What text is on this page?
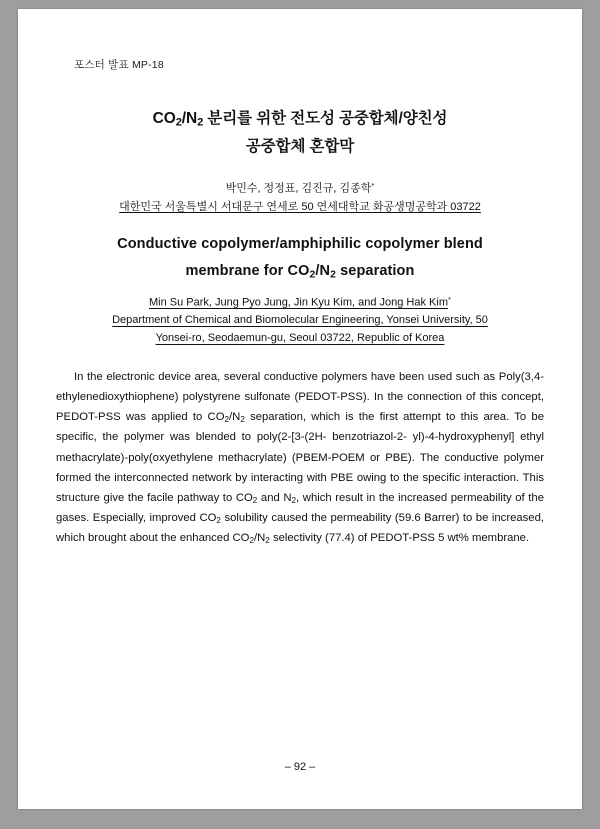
포스터 발표 MP-18
$CO_2/N_2$ 분리를 위한 전도성 공중합체/양친성
공중합체 혼합막
박민수, 정정표, 김진규, 김종학*
대한민국 서울특별시 서대문구 연세로 50 연세대학교 화공생명공학과 03722
Conductive copolymer/amphiphilic copolymer blend
membrane for $CO_2/N_2$ separation
Min Su Park, Jung Pyo Jung, Jin Kyu Kim, and Jong Hak Kim*
Department of Chemical and Biomolecular Engineering, Yonsei University, 50
Yonsei-ro, Seodaemun-gu, Seoul 03722, Republic of Korea
In the electronic device area, several conductive polymers have been used such as Poly(3,4-ethylenedioxythiophene) polystyrene sulfonate (PEDOT-PSS). In the connection of this concept, PEDOT-PSS was applied to $CO_2/N_2$ separation, which is the first attempt to this area. To be specific, the polymer was blended to poly(2-[3-(2H- benzotriazol-2- yl)-4-hydroxyphenyl] ethyl methacrylate)-poly(oxyethylene methacrylate) (PBEM-POEM or PBE). The conductive polymer formed the interconnected network by interacting with PBE owing to the specific interaction. This structure give the facile pathway to $CO_2$ and $N_2$, which result in the increased permeability of the gases. Especially, improved $CO_2$ solubility caused the permeability (59.6 Barrer) to be increased, which brought about the enhanced $CO_2/N_2$ selectivity (77.4) of PEDOT-PSS 5 wt% membrane.
– 92 –
